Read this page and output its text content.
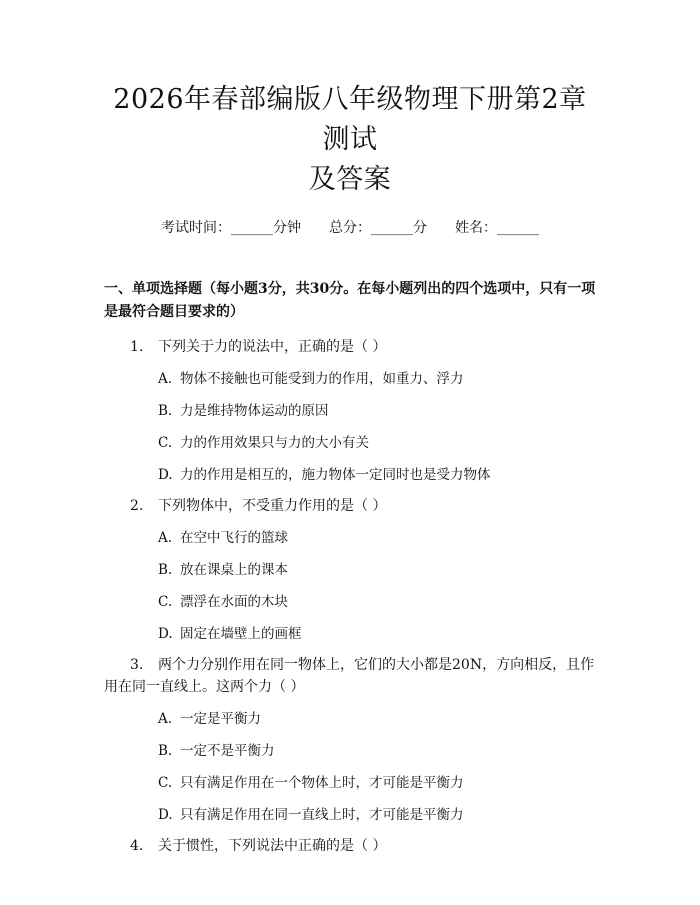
2026年春部编版八年级物理下册第2章测试
及答案
考试时间：______分钟 总分：______分 姓名：______
一、单项选择题（每小题3分，共30分。在每小题列出的四个选项中，只有一项是最符合题目要求的）
1. 下列关于力的说法中，正确的是（ ）
A. 物体不接触也可能受到力的作用，如重力、浮力
B. 力是维持物体运动的原因
C. 力的作用效果只与力的大小有关
D. 力的作用是相互的，施力物体一定同时也是受力物体
2. 下列物体中，不受重力作用的是（ ）
A. 在空中飞行的篮球
B. 放在课桌上的课本
C. 漂浮在水面的木块
D. 固定在墙壁上的画框
3. 两个力分别作用在同一物体上，它们的大小都是20N，方向相反，且作用在同一直线上。这两个力（ ）
A. 一定是平衡力
B. 一定不是平衡力
C. 只有满足作用在一个物体上时，才可能是平衡力
D. 只有满足作用在同一直线上时，才可能是平衡力
4. 关于惯性，下列说法中正确的是（ ）
